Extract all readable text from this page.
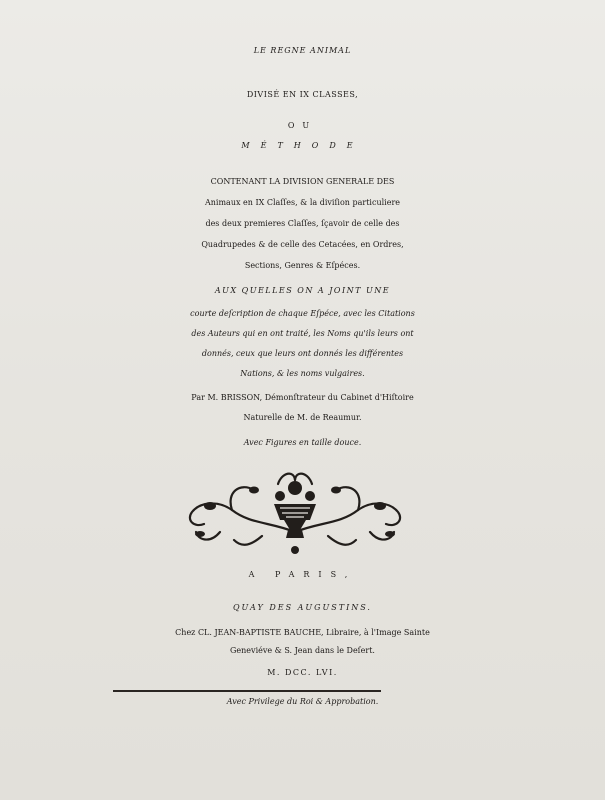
LE REGNE ANIMAL
DIVISÉ EN IX CLASSES,
OU
MÉTHODE
CONTENANT LA DIVISION GENERALE DES
Animaux en IX Claſſes, & la diviſion particuliere
des deux premieres Claſſes, ſçavoir de celle des
Quadrupedes & de celle des Cetacées, en Ordres,
Sections, Genres & Eſpéces.
AUX QUELLES ON A JOINT UNE
courte deſcription de chaque Eſpéce, avec les Citations
des Auteurs qui en ont traité, les Noms qu'ils leurs ont
donnés, ceux que leurs ont donnés les différentes
Nations, & les noms vulgaires.
Par M. BRISSON, Démonſtrateur du Cabinet d'Hiſtoire
Naturelle de M. de Reaumur.
Avec Figures en taille douce.
A PARIS,
QUAY DES AUGUSTINS.
Chez CL. JEAN-BAPTISTE BAUCHE, Libraire, à l'Image Sainte
Geneviéve & S. Jean dans le Deſert.
M. DCC. LVI.
Avec Privilege du Roi & Approbation.
